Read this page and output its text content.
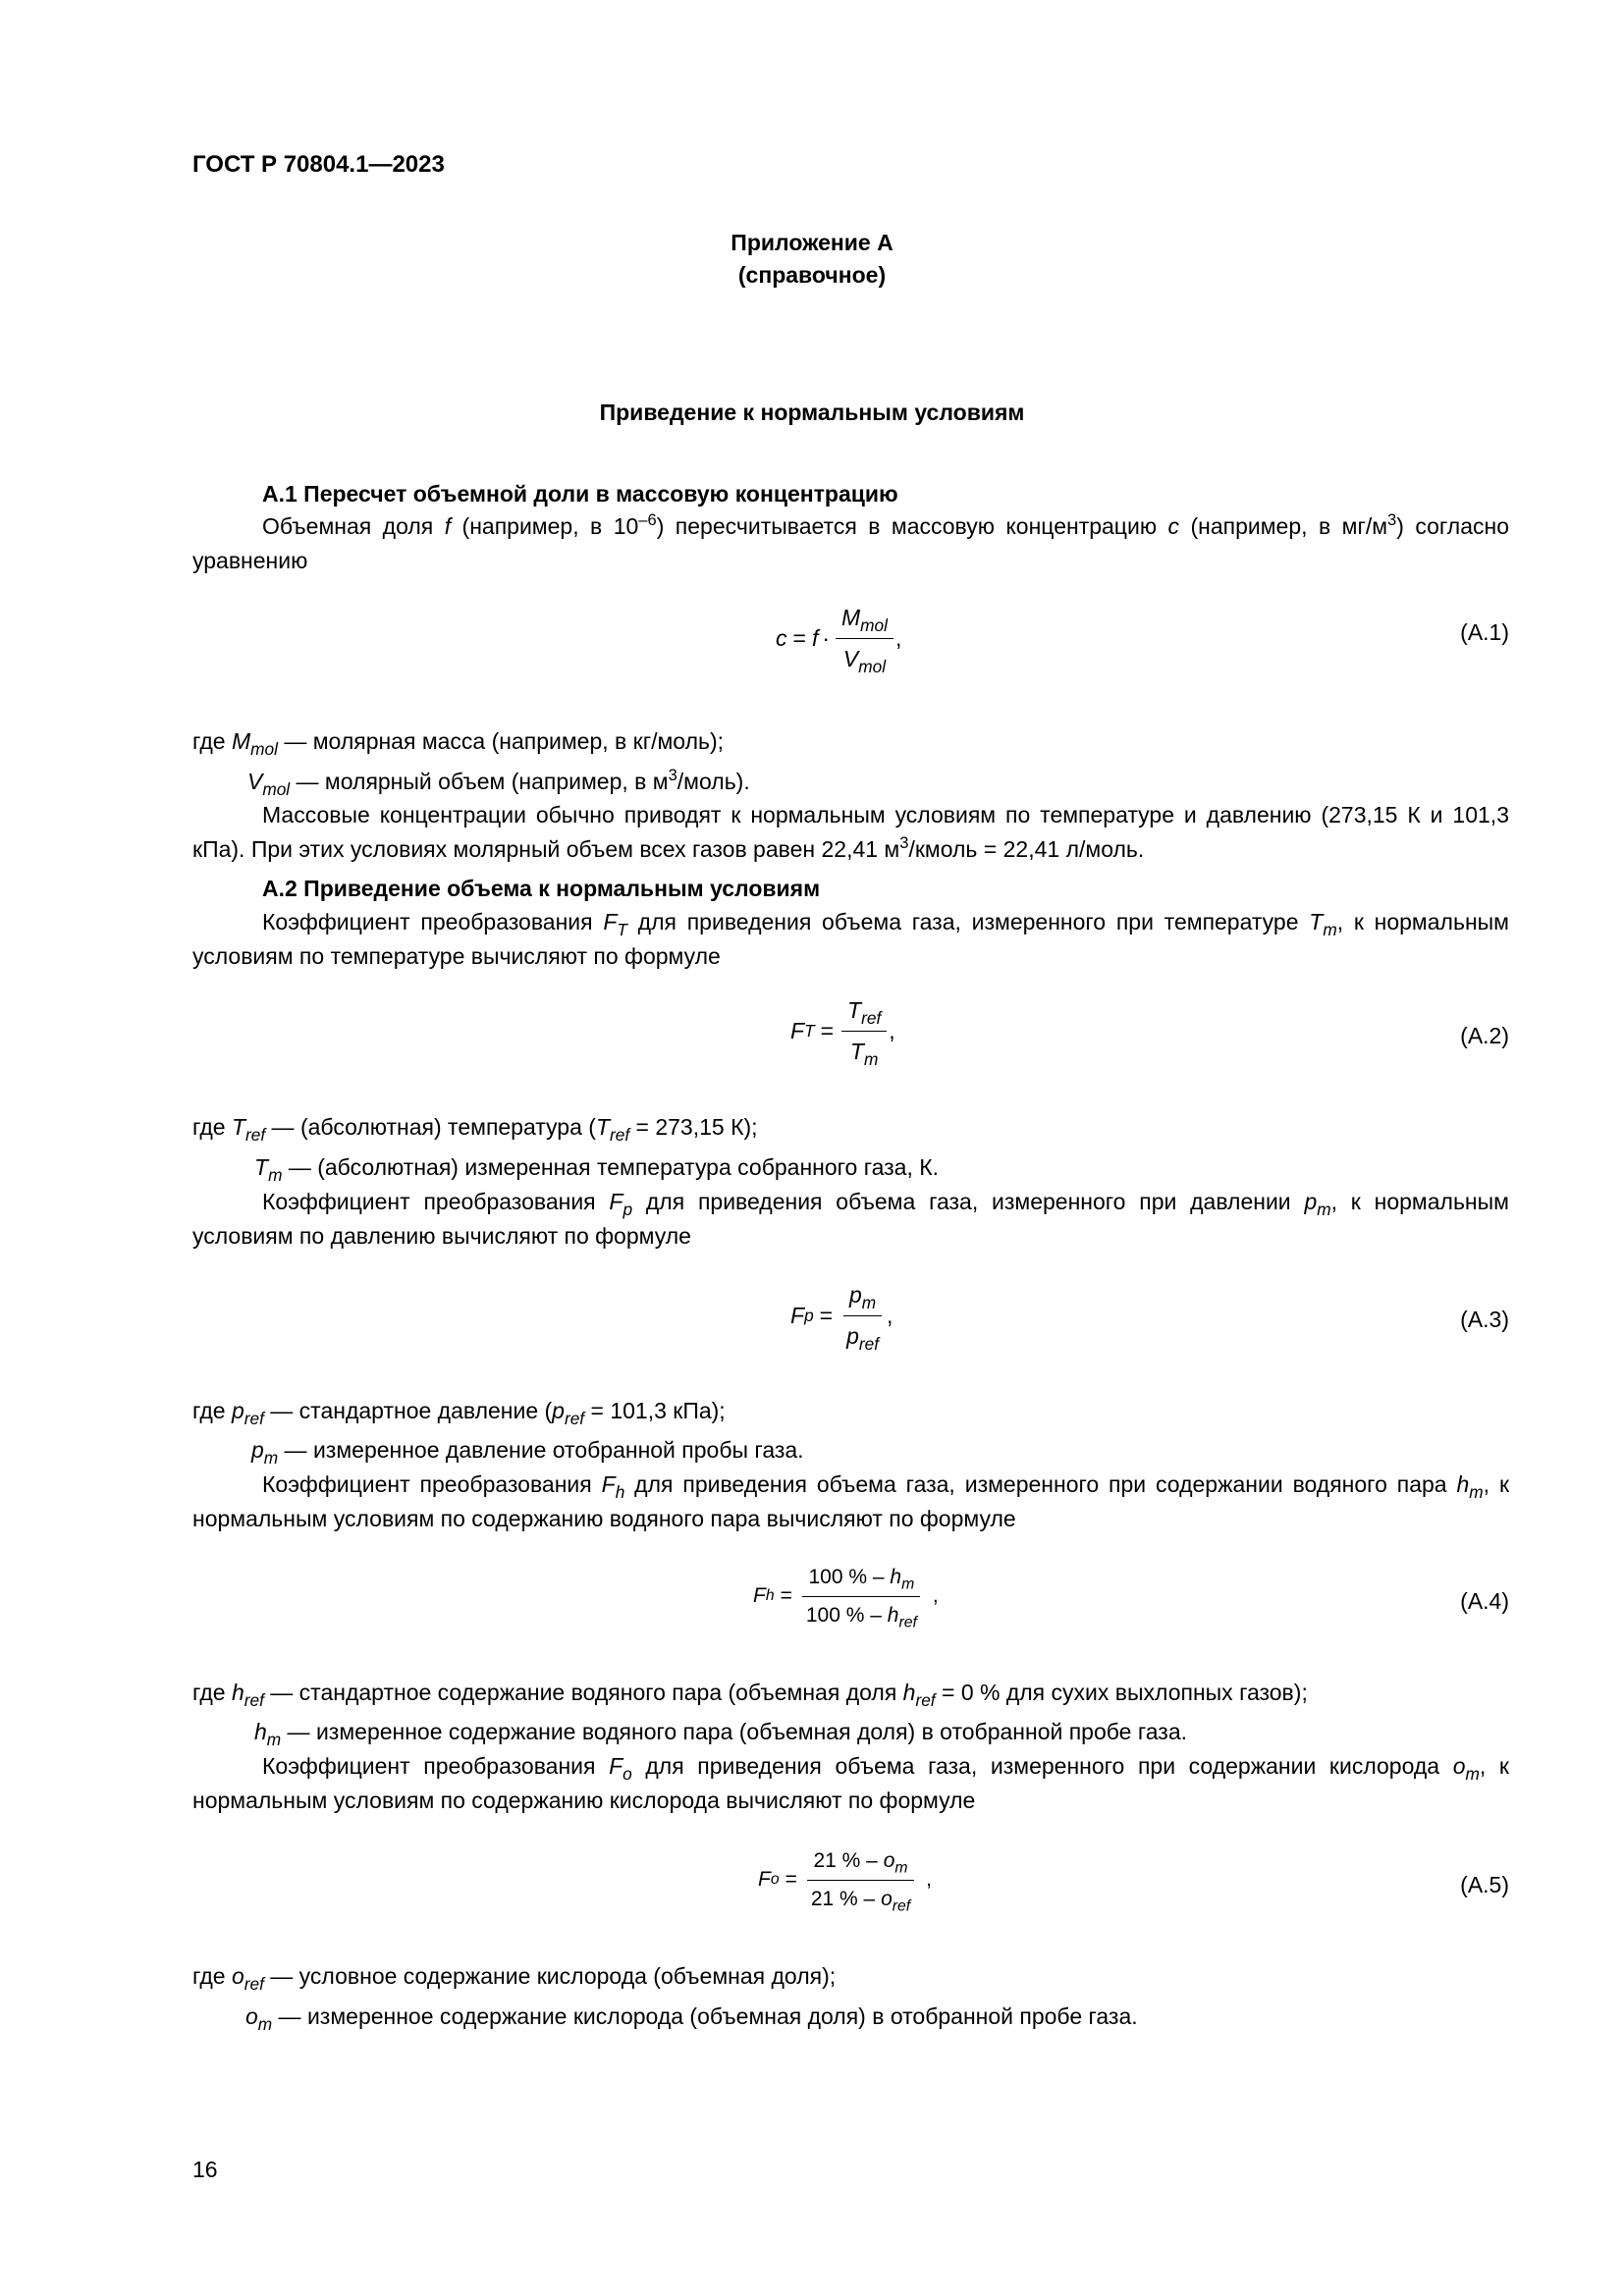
ГОСТ Р 70804.1—2023
Приложение А
(справочное)
Приведение к нормальным условиям
А.1 Пересчет объемной доли в массовую концентрацию
Объемная доля f (например, в $10^{-6}$) пересчитывается в массовую концентрацию c (например, в $мг/м^3$) согласно уравнению
$c = f \cdot \frac{M_{mol}}{V_{mol}}$ ,	(А.1)
где $M_{mol}$ — молярная масса (например, в кг/моль);
$V_{mol}$ — молярный объем (например, в $м^3/моль$).
Массовые концентрации обычно приводят к нормальным условиям по температуре и давлению (273,15 К и 101,3 кПа). При этих условиях молярный объем всех газов равен 22,41 $м^3$/кмоль = 22,41 л/моль.
А.2 Приведение объема к нормальным условиям
Коэффициент преобразования $F_T$ для приведения объема газа, измеренного при температуре $T_m$, к нормальным условиям по температуре вычисляют по формуле
F $T = \frac{T_{ref}}{T_m}$ ,	(А.2)
где $T_{ref}$ — (абсолютная) температура ($T_{ref} = 273,15$ К);
$T_m$ — (абсолютная) измеренная температура собранного газа, К.
Коэффициент преобразования $F_p$ для приведения объема газа, измеренного при давлении $p_m$, к нормальным условиям по давлению вычисляют по формуле
F $p = \frac{p_m}{p_{ref}}$ ,	(А.3)
где $p_{ref}$ — стандартное давление ($p_{ref} = 101,3$ кПа);
$p_m$ — измеренное давление отобранной пробы газа.
Коэффициент преобразования $F_h$ для приведения объема газа, измеренного при содержании водяного пара $h_m$, к нормальным условиям по содержанию водяного пара вычисляют по формуле
F $h = \frac{100 \% - h_m}{100 \% - h_{ref}}$ ,	(А.4)
где $h_{ref}$ — стандартное содержание водяного пара (объемная доля $h_{ref} = 0$ % для сухих выхлопных газов);
$h_m$ — измеренное содержание водяного пара (объемная доля) в отобранной пробе газа.
Коэффициент преобразования $F_o$ для приведения объема газа, измеренного при содержании кислорода $o_m$, к нормальным условиям по содержанию кислорода вычисляют по формуле
F $o = \frac{21 \% - o_m}{21 \% - o_{ref}}$ ,	(А.5)
где $o_{ref}$ — условное содержание кислорода (объемная доля);
$o_m$ — измеренное содержание кислорода (объемная доля) в отобранной пробе газа.
16
